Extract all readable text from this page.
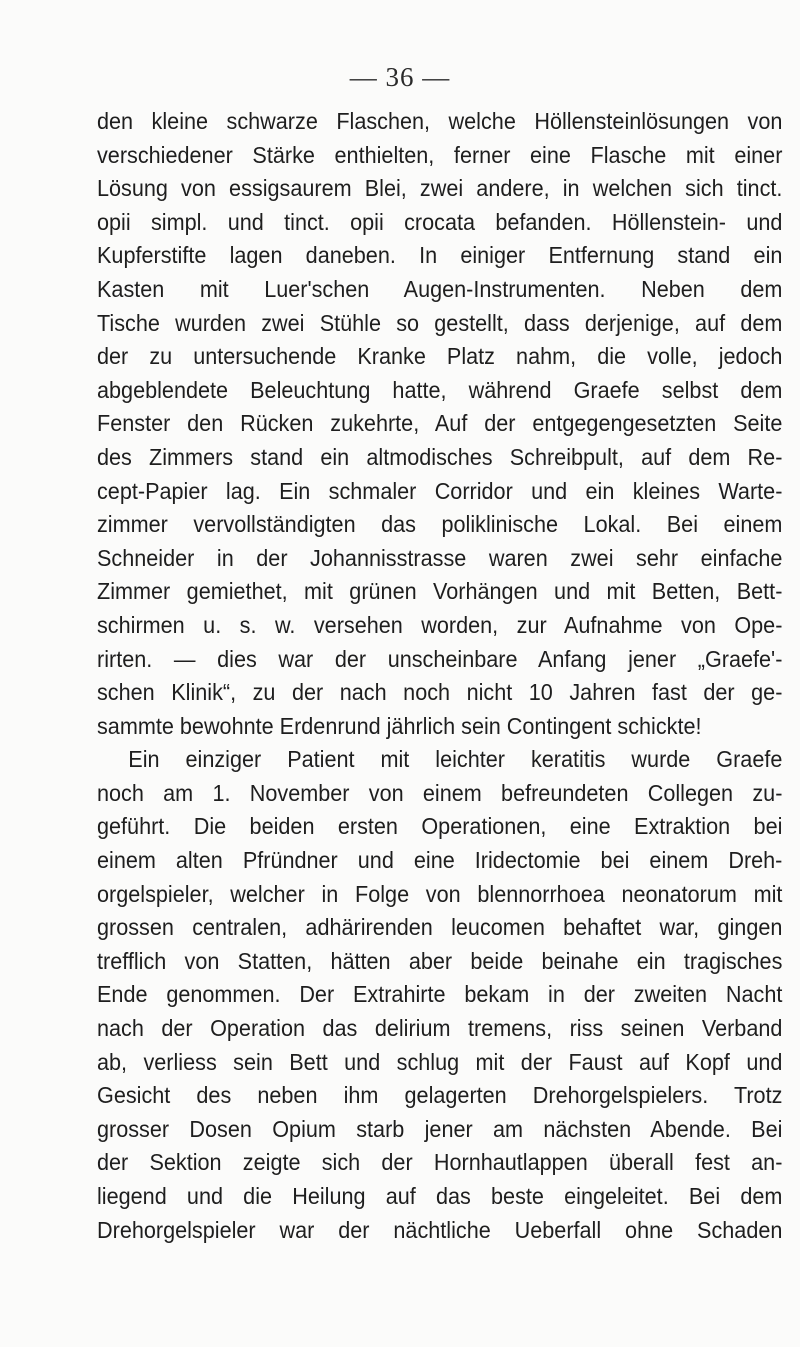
— 36 —
den kleine schwarze Flaschen, welche Höllensteinlösungen von
verschiedener Stärke enthielten, ferner eine Flasche mit einer
Lösung von essigsaurem Blei, zwei andere, in welchen sich tinct.
opii simpl. und tinct. opii crocata befanden. Höllenstein- und
Kupferstifte lagen daneben. In einiger Entfernung stand ein
Kasten mit Luer'schen Augen-Instrumenten. Neben dem
Tische wurden zwei Stühle so gestellt, dass derjenige, auf dem
der zu untersuchende Kranke Platz nahm, die volle, jedoch
abgeblendete Beleuchtung hatte, während Graefe selbst dem
Fenster den Rücken zukehrte, Auf der entgegengesetzten Seite
des Zimmers stand ein altmodisches Schreibpult, auf dem Re-
cept-Papier lag. Ein schmaler Corridor und ein kleines Warte-
zimmer vervollständigten das poliklinische Lokal. Bei einem
Schneider in der Johannisstrasse waren zwei sehr einfache
Zimmer gemiethet, mit grünen Vorhängen und mit Betten, Bett-
schirmen u. s. w. versehen worden, zur Aufnahme von Ope-
rirten. — dies war der unscheinbare Anfang jener „Graefe'-
schen Klinik“, zu der nach noch nicht 10 Jahren fast der ge-
sammte bewohnte Erdenrund jährlich sein Contingent schickte!
Ein einziger Patient mit leichter keratitis wurde Graefe
noch am 1. November von einem befreundeten Collegen zu-
geführt. Die beiden ersten Operationen, eine Extraktion bei
einem alten Pfründner und eine Iridectomie bei einem Dreh-
orgelspieler, welcher in Folge von blennorrhoea neonatorum mit
grossen centralen, adhärirenden leucomen behaftet war, gingen
trefflich von Statten, hätten aber beide beinahe ein tragisches
Ende genommen. Der Extrahirte bekam in der zweiten Nacht
nach der Operation das delirium tremens, riss seinen Verband
ab, verliess sein Bett und schlug mit der Faust auf Kopf und
Gesicht des neben ihm gelagerten Drehorgelspielers. Trotz
grosser Dosen Opium starb jener am nächsten Abende. Bei
der Sektion zeigte sich der Hornhautlappen überall fest an-
liegend und die Heilung auf das beste eingeleitet. Bei dem
Drehorgelspieler war der nächtliche Ueberfall ohne Schaden
